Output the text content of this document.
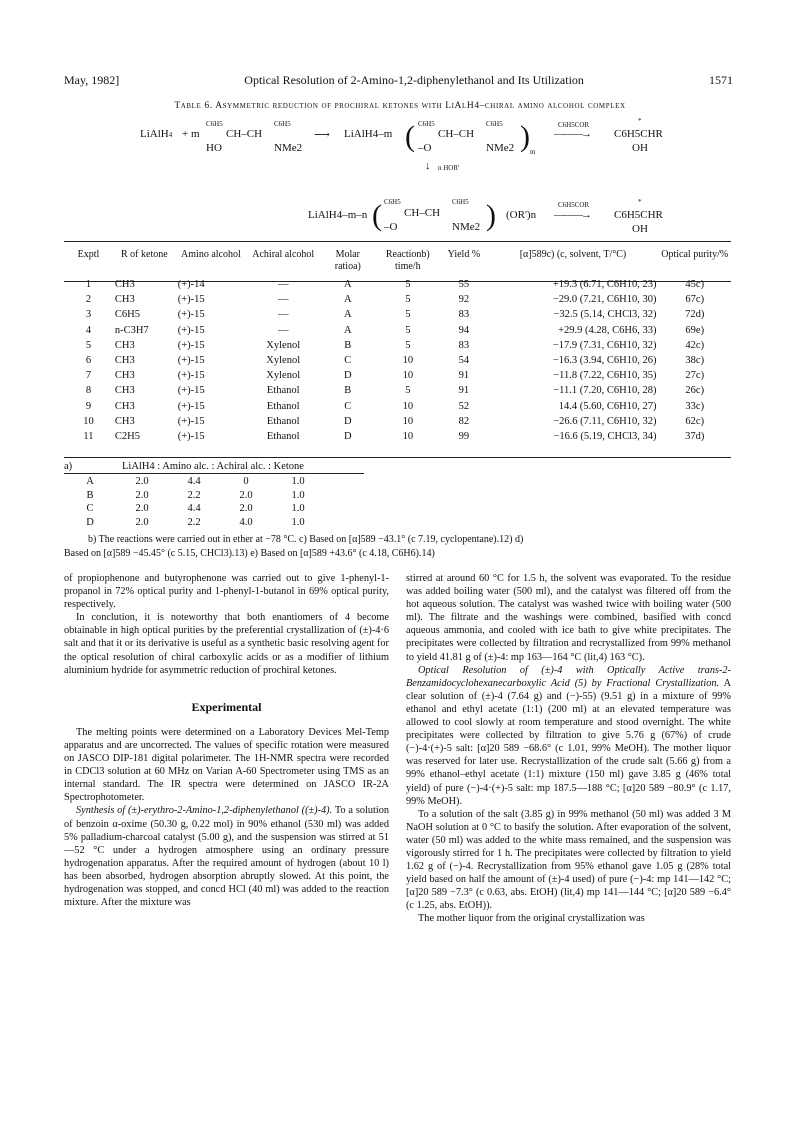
May, 1982]	Optical Resolution of 2-Amino-1,2-diphenylethanol and Its Utilization	1571
Table 6. Asymmetric reduction of prochiral ketones with LiAlH4–chiral amino alcohol complex
LiAlH4 + m
C6H5
CH–CH
C6H5
HO	NMe2
⟶ LiAlH4–m ( C6H5
CH–CH
C6H5
–O	NMe2 ) m
C6H5COR
———→
*
C6H5CHR
OH
↓ n HOR'
LiAlH4–m–n ( C6H5
CH–CH
C6H5
–O	NMe2 ) (OR')n
C6H5COR
———→
*
C6H5CHR
OH
Exptl	R of ketone	Amino alcohol	Achiral alcohol	Molar ratioa)	Reactionb) time/h	Yield %	[α]589c) (c, solvent, T/°C)	Optical purity/%
1	CH3	(+)-14	—	A	5	55	+19.3 (6.71, C6H10, 23)	45c)
2	CH3	(+)-15	—	A	5	92	−29.0 (7.21, C6H10, 30)	67c)
3	C6H5	(+)-15	—	A	5	83	−32.5 (5.14, CHCl3, 32)	72d)
4	n-C3H7	(+)-15	—	A	5	94	+29.9 (4.28, C6H6, 33)	69e)
5	CH3	(+)-15	Xylenol	B	5	83	−17.9 (7.31, C6H10, 32)	42c)
6	CH3	(+)-15	Xylenol	C	10	54	−16.3 (3.94, C6H10, 26)	38c)
7	CH3	(+)-15	Xylenol	D	10	91	−11.8 (7.22, C6H10, 35)	27c)
8	CH3	(+)-15	Ethanol	B	5	91	−11.1 (7.20, C6H10, 28)	26c)
9	CH3	(+)-15	Ethanol	C	10	52	14.4 (5.60, C6H10, 27)	33c)
10	CH3	(+)-15	Ethanol	D	10	82	−26.6 (7.11, C6H10, 32)	62c)
11	C2H5	(+)-15	Ethanol	D	10	99	−16.6 (5.19, CHCl3, 34)	37d)
a)	LiAlH4 : Amino alc. : Achiral alc. : Ketone
A	2.0	4.4	0	1.0
B	2.0	2.2	2.0	1.0
C	2.0	4.4	2.0	1.0
D	2.0	2.2	4.0	1.0
b) The reactions were carried out in ether at −78 °C. c) Based on [α]589 −43.1° (c 7.19, cyclopentane).12) d)
Based on [α]589 −45.45° (c 5.15, CHCl3).13) e) Based on [α]589 +43.6° (c 4.18, C6H6).14)

of propiophenone and butyrophenone was carried out to give 1-phenyl-1-propanol in 72% optical purity and 1-phenyl-1-butanol in 69% optical purity, respectively.

In conclution, it is noteworthy that both enantiomers of 4 become obtainable in high optical purities by the preferential crystallization of (±)-4·6 salt and that it or its derivative is useful as a synthetic basic resolving agent for the optical resolution of chiral carboxylic acids or as a modifier of lithium aluminium hydride for asymmetric reduction of prochiral ketones.

Experimental

The melting points were determined on a Laboratory Devices Mel-Temp apparatus and are uncorrected. The values of specific rotation were measured on JASCO DIP-181 digital polarimeter. The 1H-NMR spectra were recorded in CDCl3 solution at 60 MHz on Varian A-60 Spectrometer using TMS as an internal standard. The IR spectra were determined on JASCO IR-2A Spectrophotometer.

Synthesis of (±)-erythro-2-Amino-1,2-diphenylethanol ((±)-4). To a solution of benzoin α-oxime (50.30 g, 0.22 mol) in 90% ethanol (530 ml) was added 5% palladium-charcoal catalyst (5.00 g), and the suspension was stirred at 51—52 °C under a hydrogen atmosphere using an ordinary pressure hydrogenation apparatus. After the required amount of hydrogen (about 10 l) has been absorbed, hydrogen absorption abruptly slowed. At this point, the hydrogenation was stopped, and concd HCl (40 ml) was added to the reaction mixture. After the mixture was

stirred at around 60 °C for 1.5 h, the solvent was evaporated. To the residue was added boiling water (500 ml), and the catalyst was filtered off from the hot aqueous solution. The catalyst was washed twice with boiling water (500 ml). The filtrate and the washings were combined, basified with concd aqueous ammonia, and cooled with ice bath to give white precipitates. The precipitates were collected by filtration and recrystallized from 99% methanol to yield 41.81 g of (±)-4: mp 163—164 °C (lit,4) 163 °C).

Optical Resolution of (±)-4 with Optically Active trans-2-Benzamidocyclohexanecarboxylic Acid (5) by Fractional Crystallization. A clear solution of (±)-4 (7.64 g) and (−)-55) (9.51 g) in a mixture of 99% ethanol and ethyl acetate (1:1) (200 ml) at an elevated temperature was allowed to cool slowly at room temperature and stood overnight. The white precipitates were collected by filtration to give 5.76 g (67%) of crude (−)-4·(+)-5 salt: [α]20 589 −68.6° (c 1.01, 99% MeOH). The mother liquor was reserved for later use. Recrystallization of the crude salt (5.66 g) from a 99% ethanol–ethyl acetate (1:1) mixture (150 ml) gave 3.85 g (46% total yield) of pure (−)-4·(+)-5 salt: mp 187.5—188 °C; [α]20 589 −80.9° (c 1.17, 99% MeOH).

To a solution of the salt (3.85 g) in 99% methanol (50 ml) was added 3 M NaOH solution at 0 °C to basify the solution. After evaporation of the solvent, water (50 ml) was added to the white mass remained, and the suspension was vigorously stirred for 1 h. The precipitates were collected by filtration to yield 1.62 g of (−)-4. Recrystallization from 95% ethanol gave 1.05 g (28% total yield based on half the amount of (±)-4 used) of pure (−)-4: mp 141—142 °C; [α]20 589 −7.3° (c 0.63, abs. EtOH) (lit,4) mp 141—144 °C; [α]20 589 −6.4° (c 1.25, abs. EtOH)).

The mother liquor from the original crystallization was
